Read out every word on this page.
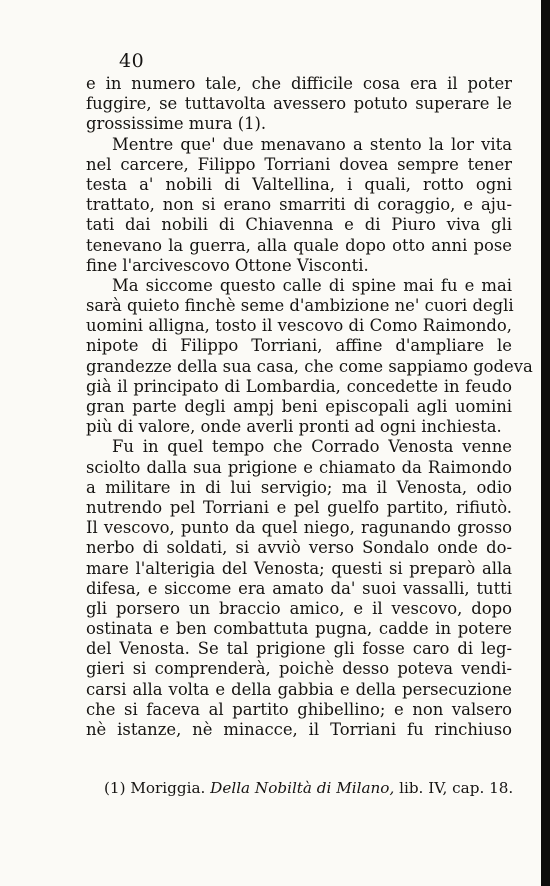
40
e in numero tale, che difficile cosa era il poter
fuggire, se tuttavolta avessero potuto superare le
grossissime mura (1).
Mentre que' due menavano a stento la lor vita
nel carcere, Filippo Torriani dovea sempre tener
testa a' nobili di Valtellina, i quali, rotto ogni
trattato, non si erano smarriti di coraggio, e aju-
tati dai nobili di Chiavenna e di Piuro viva gli
tenevano la guerra, alla quale dopo otto anni pose
fine l'arcivescovo Ottone Visconti.
Ma siccome questo calle di spine mai fu e mai
sarà quieto finchè seme d'ambizione ne' cuori degli
uomini alligna, tosto il vescovo di Como Raimondo,
nipote di Filippo Torriani, affine d'ampliare le
grandezze della sua casa, che come sappiamo godeva
già il principato di Lombardia, concedette in feudo
gran parte degli ampj beni episcopali agli uomini
più di valore, onde averli pronti ad ogni inchiesta.
Fu in quel tempo che Corrado Venosta venne
sciolto dalla sua prigione e chiamato da Raimondo
a militare in di lui servigio; ma il Venosta, odio
nutrendo pel Torriani e pel guelfo partito, rifiutò.
Il vescovo, punto da quel niego, ragunando grosso
nerbo di soldati, si avviò verso Sondalo onde do-
mare l'alterigia del Venosta; questi si preparò alla
difesa, e siccome era amato da' suoi vassalli, tutti
gli porsero un braccio amico, e il vescovo, dopo
ostinata e ben combattuta pugna, cadde in potere
del Venosta. Se tal prigione gli fosse caro di leg-
gieri si comprenderà, poichè desso poteva vendi-
carsi alla volta e della gabbia e della persecuzione
che si faceva al partito ghibellino; e non valsero
nè istanze, nè minacce, il Torriani fu rinchiuso
(1) Moriggia. Della Nobiltà di Milano, lib. IV, cap. 18.
